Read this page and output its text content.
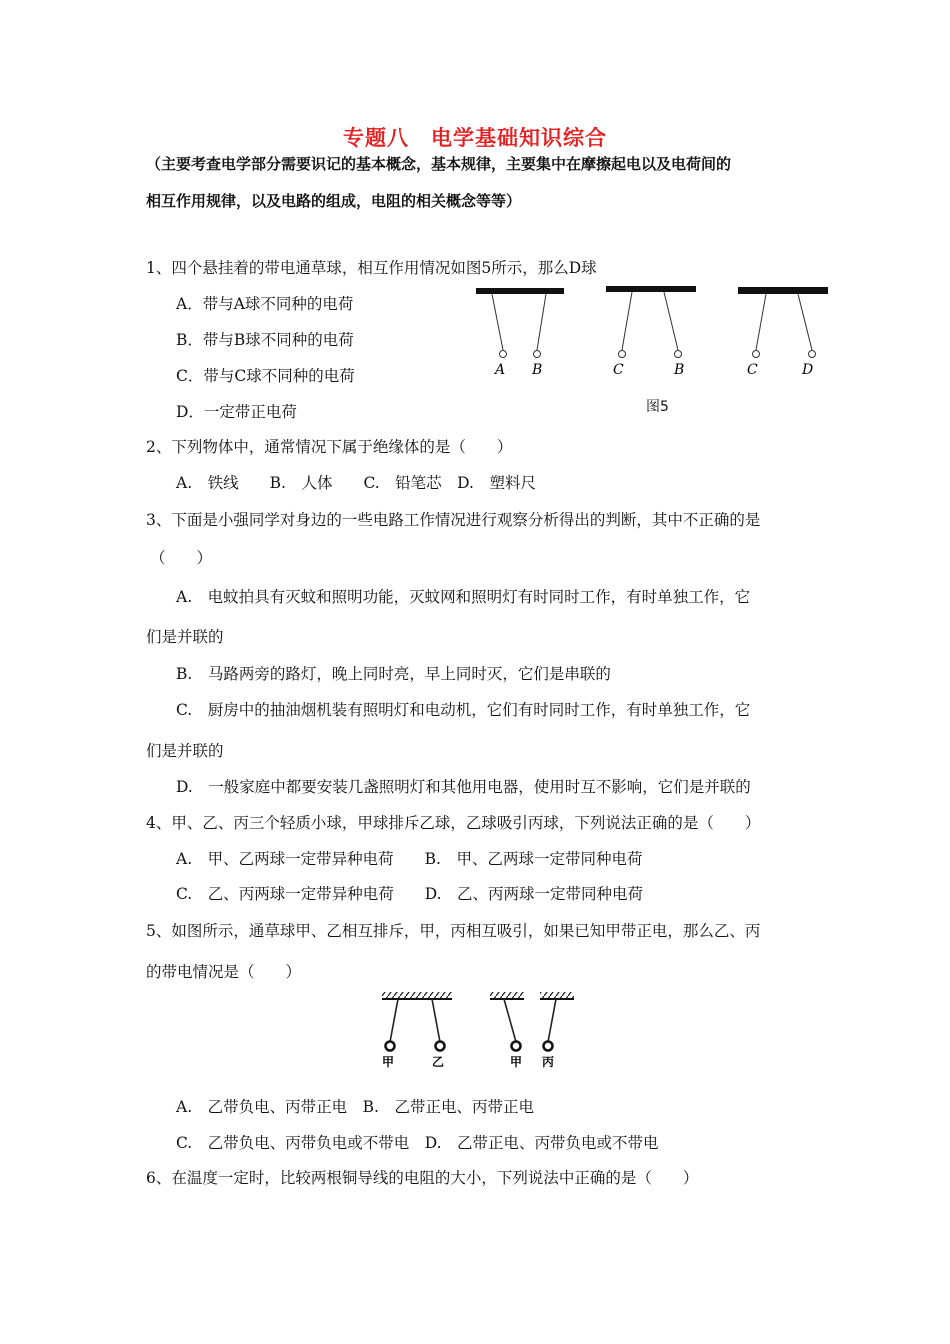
专题八　电学基础知识综合
（主要考查电学部分需要识记的基本概念，基本规律，主要集中在摩擦起电以及电荷间的
相互作用规律，以及电路的组成，电阻的相关概念等等）
1、四个悬挂着的带电通草球，相互作用情况如图5所示，那么D球
A．带与A球不同种的电荷
B．带与B球不同种的电荷
C．带与C球不同种的电荷
D．一定带正电荷
A B	C	B	C	D
图5
2、下列物体中，通常情况下属于绝缘体的是（　　）
A.　铁线　　B.　人体　　C.　铅笔芯　D.　塑料尺
3、下面是小强同学对身边的一些电路工作情况进行观察分析得出的判断，其中不正确的是
（　　）
A.　电蚊拍具有灭蚊和照明功能，灭蚊网和照明灯有时同时工作，有时单独工作，它
们是并联的
B.　马路两旁的路灯，晚上同时亮，早上同时灭，它们是串联的
C.　厨房中的抽油烟机装有照明灯和电动机，它们有时同时工作，有时单独工作，它
们是并联的
D.　一般家庭中都要安装几盏照明灯和其他用电器，使用时互不影响，它们是并联的
4、甲、乙、丙三个轻质小球，甲球排斥乙球，乙球吸引丙球，下列说法正确的是（　　）
A.　甲、乙两球一定带异种电荷　　B.　甲、乙两球一定带同种电荷
C.　乙、丙两球一定带异种电荷　　D.　乙、丙两球一定带同种电荷
5、如图所示，通草球甲、乙相互排斥，甲，丙相互吸引，如果已知甲带正电，那么乙、丙
的带电情况是（　　）
甲	乙	甲 丙
A.　乙带负电、丙带正电　B.　乙带正电、丙带正电
C.　乙带负电、丙带负电或不带电　D.　乙带正电、丙带负电或不带电
6、在温度一定时，比较两根铜导线的电阻的大小，下列说法中正确的是（　　）
